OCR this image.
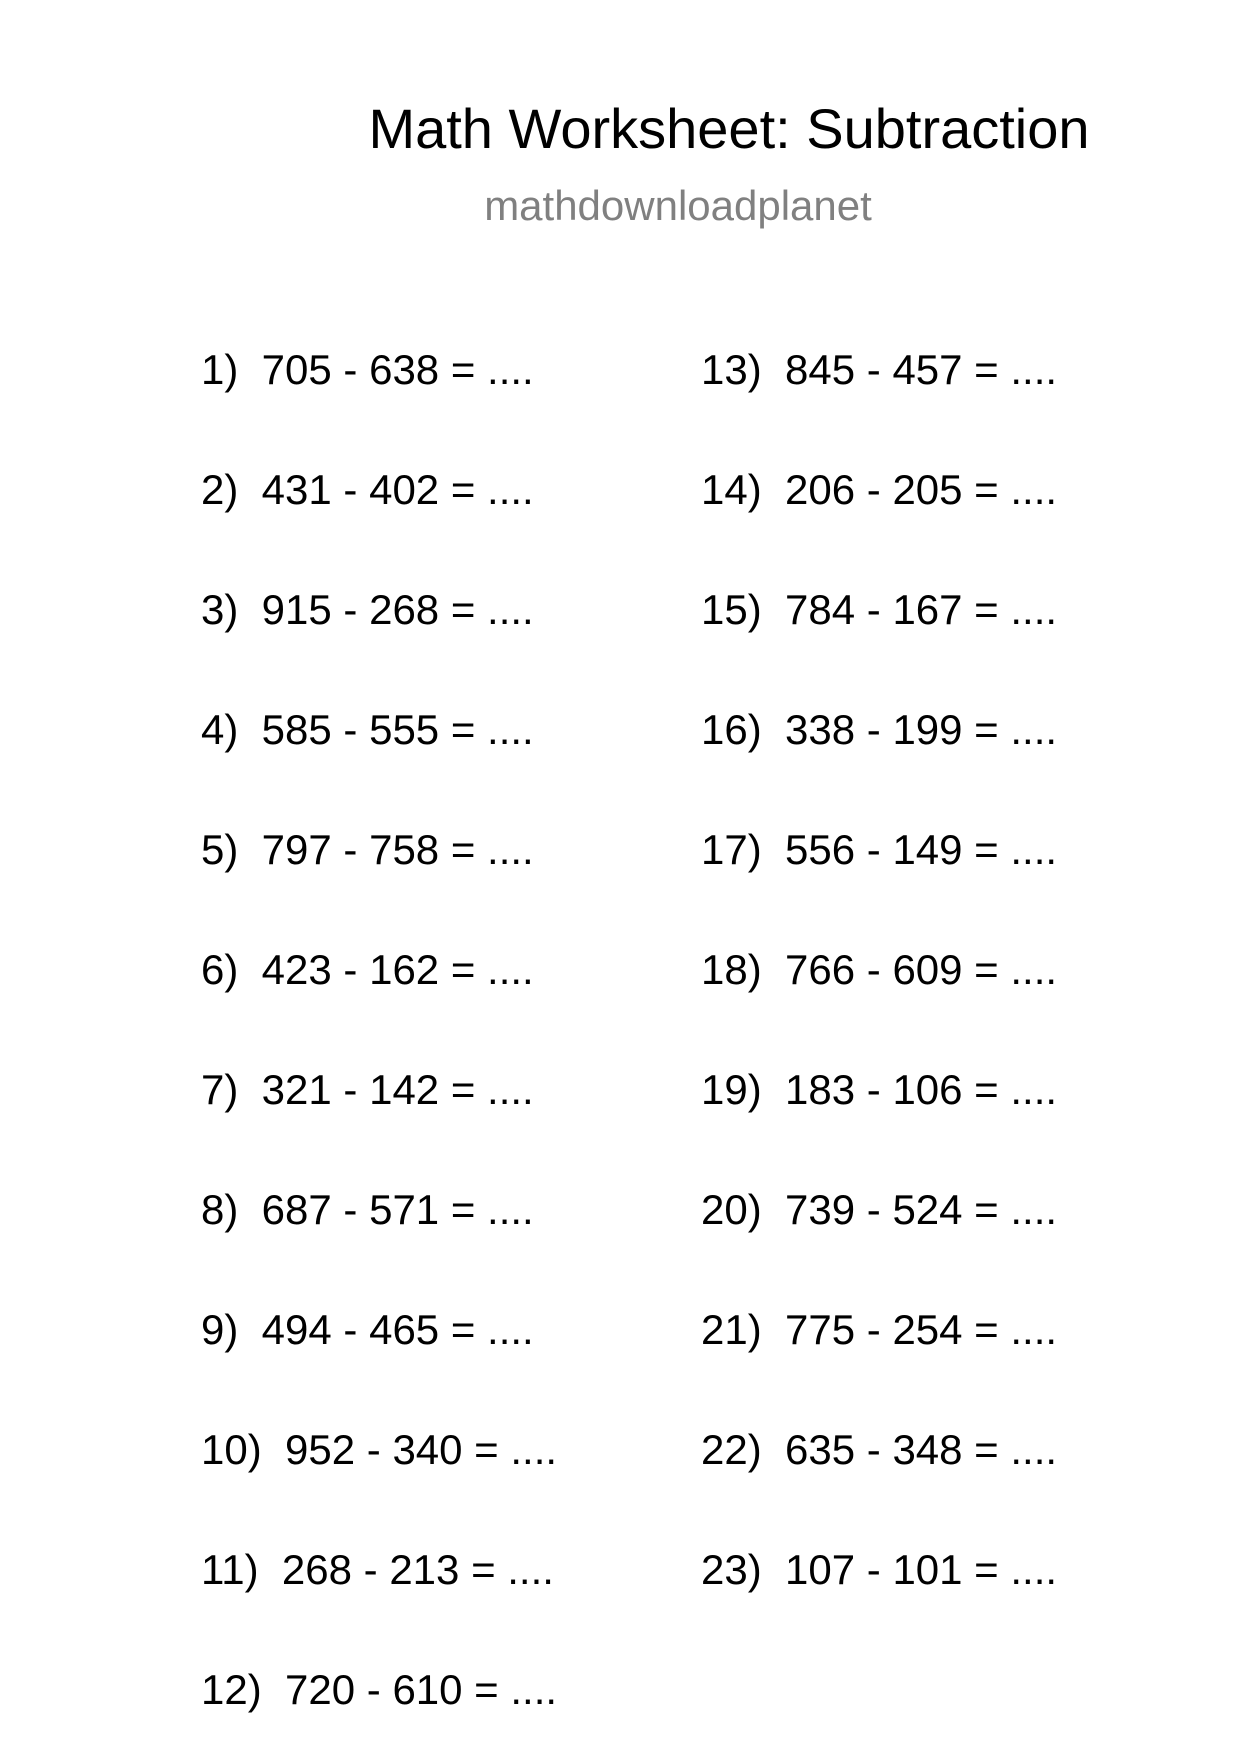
Math Worksheet: Subtraction
mathdownloadplanet
1)  705 - 638 = ....
2)  431 - 402 = ....
3)  915 - 268 = ....
4)  585 - 555 = ....
5)  797 - 758 = ....
6)  423 - 162 = ....
7)  321 - 142 = ....
8)  687 - 571 = ....
9)  494 - 465 = ....
10)  952 - 340 = ....
11)  268 - 213 = ....
12)  720 - 610 = ....
13)  845 - 457 = ....
14)  206 - 205 = ....
15)  784 - 167 = ....
16)  338 - 199 = ....
17)  556 - 149 = ....
18)  766 - 609 = ....
19)  183 - 106 = ....
20)  739 - 524 = ....
21)  775 - 254 = ....
22)  635 - 348 = ....
23)  107 - 101 = ....
